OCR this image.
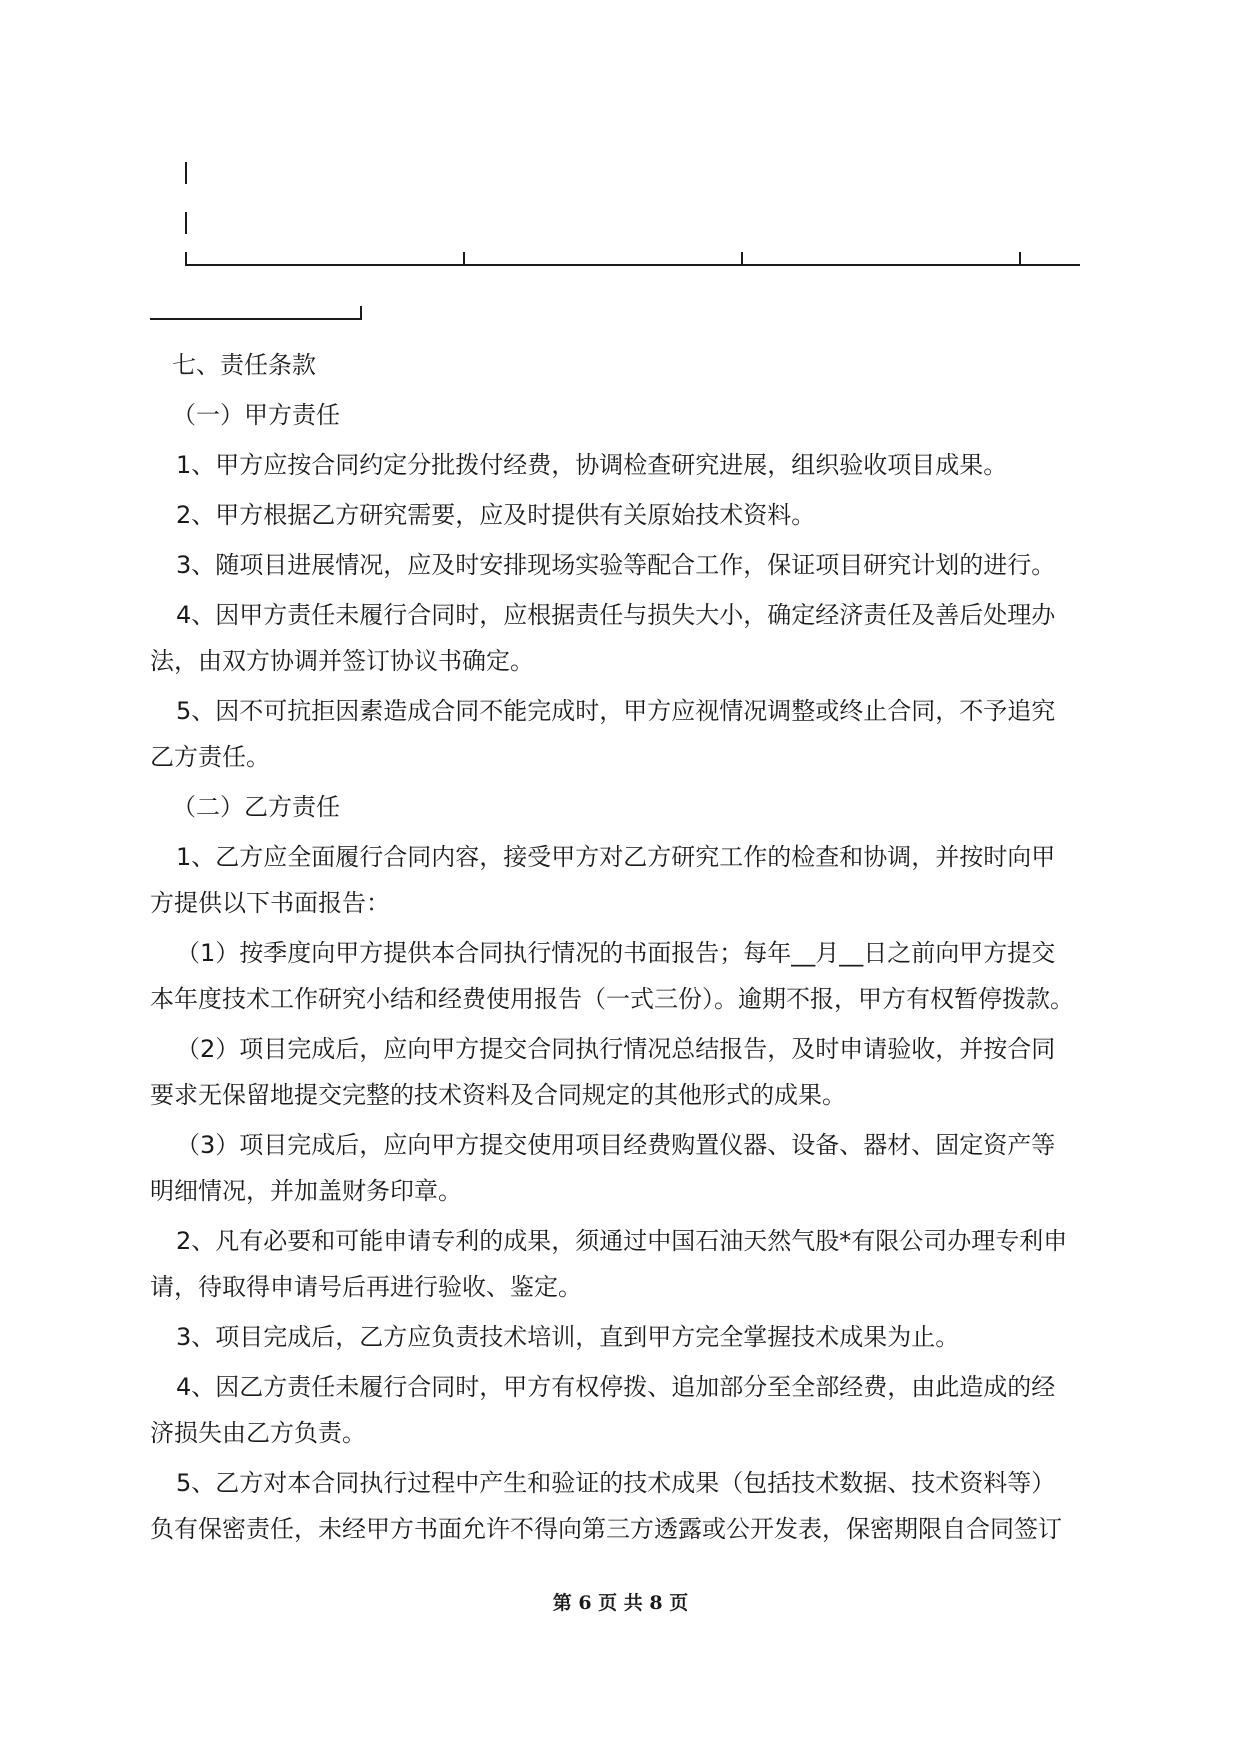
七、责任条款
（一）甲方责任
1、甲方应按合同约定分批拨付经费，协调检查研究进展，组织验收项目成果。
2、甲方根据乙方研究需要，应及时提供有关原始技术资料。
3、随项目进展情况，应及时安排现场实验等配合工作，保证项目研究计划的进行。
4、因甲方责任未履行合同时，应根据责任与损失大小，确定经济责任及善后处理办
法，由双方协调并签订协议书确定。
5、因不可抗拒因素造成合同不能完成时，甲方应视情况调整或终止合同，不予追究
乙方责任。
（二）乙方责任
1、乙方应全面履行合同内容，接受甲方对乙方研究工作的检查和协调，并按时向甲
方提供以下书面报告：
（1）按季度向甲方提供本合同执行情况的书面报告；每年__月__日之前向甲方提交
本年度技术工作研究小结和经费使用报告（一式三份）。逾期不报，甲方有权暂停拨款。
（2）项目完成后，应向甲方提交合同执行情况总结报告，及时申请验收，并按合同
要求无保留地提交完整的技术资料及合同规定的其他形式的成果。
（3）项目完成后，应向甲方提交使用项目经费购置仪器、设备、器材、固定资产等
明细情况，并加盖财务印章。
2、凡有必要和可能申请专利的成果，须通过中国石油天然气股*有限公司办理专利申
请，待取得申请号后再进行验收、鉴定。
3、项目完成后，乙方应负责技术培训，直到甲方完全掌握技术成果为止。
4、因乙方责任未履行合同时，甲方有权停拨、追加部分至全部经费，由此造成的经
济损失由乙方负责。
5、乙方对本合同执行过程中产生和验证的技术成果（包括技术数据、技术资料等）
负有保密责任，未经甲方书面允许不得向第三方透露或公开发表，保密期限自合同签订
第 6 页 共 8 页
